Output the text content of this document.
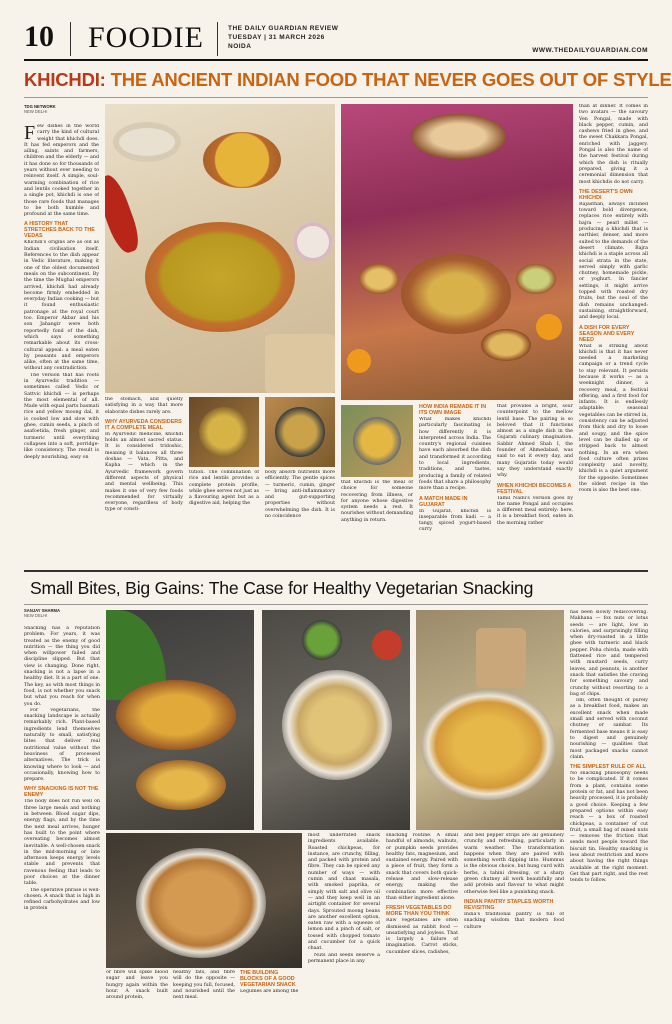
10 FOODIE	THE DAILY GUARDIAN REVIEW
TUESDAY | 31 MARCH 2026
NOIDA
WWW.THEDAILYGUARDIAN.COM
KHICHDI: THE ANCIENT INDIAN FOOD THAT NEVER GOES OUT OF STYLE
TDG NETWORK
NEW DELHI
Few dishes in the world carry the kind of cultural weight that khichdi does. It has fed emperors and the ailing, saints and farmers, children and the elderly — and it has done so for thousands of years without ever needing to reinvent itself. A simple, soul-warming combination of rice and lentils cooked together in a single pot, khichdi is one of those rare foods that manages to be both humble and profound at the same time.
A HISTORY THAT STRETCHES BACK TO THE VEDAS
Khichdi's origins are as old as Indian civilisation itself. References to the dish appear in Vedic literature, making it one of the oldest documented meals on the subcontinent. By the time the Mughal emperors arrived, khichdi had already become firmly embedded in everyday Indian cooking — but it found enthusiastic patronage at the royal court too. Emperor Akbar and his son Jahangir were both reportedly fond of the dish, which says something remarkable about its cross-cultural appeal: a meal eaten by peasants and emperors alike, often at the same time, without any contradiction.
The version that has roots in Ayurvedic tradition — sometimes called Vedic or Sattvic khichdi — is perhaps the most elemental of all. Made with equal parts basmati rice and yellow moong dal, it is cooked low and slow with ghee, cumin seeds, a pinch of asafoetida, fresh ginger, and turmeric until everything collapses into a soft, porridge-like consistency. The result is deeply nourishing, easy on
the stomach, and quietly satisfying in a way that more elaborate dishes rarely are.
WHY AYURVEDA CONSIDERS IT A COMPLETE MEAL
In Ayurvedic medicine, khichdi holds an almost sacred status. It is considered tridoshic, meaning it balances all three doshas — Vata, Pitta, and Kapha — which in the Ayurvedic framework govern different aspects of physical and mental wellbeing. This makes it one of very few foods recommended for virtually everyone, regardless of body type or consti-
tution. The combination of rice and lentils provides a complete protein profile, while ghee serves not just as a flavouring agent but as a digestive aid, helping the
body absorb nutrients more efficiently. The gentle spices — turmeric, cumin, ginger — bring anti-inflammatory and gut-supporting properties without overwhelming the dish. It is no coincidence
that khichdi is the meal of choice for someone recovering from illness, or for anyone whose digestive system needs a rest. It nourishes without demanding anything in return.
HOW INDIA REMADE IT IN ITS OWN IMAGE
What makes khichdi particularly fascinating is how differently it is interpreted across India. The country's regional cuisines have each absorbed the dish and transformed it according to local ingredients, traditions, and tastes, producing a family of related foods that share a philosophy more than a recipe.
A MATCH MADE IN GUJARAT
In Gujarat, khichdi is inseparable from kadi — a tangy, spiced yogurt-based curry
that provides a bright, sour counterpoint to the mellow lentil base. The pairing is so beloved that it functions almost as a single dish in the Gujarati culinary imagination. Sabbir Ahmed Shah I, the founder of Ahmedabad, was said to eat it every day, and many Gujaratis today would say they understand exactly why.
WHEN KHICHDI BECOMES A FESTIVAL
Tamil Nadu's version goes by the name Pongal and occupies a different meal entirely: here, it is a breakfast food, eaten in the morning rather
than at dinner. It comes in two avatars — the savoury Ven Pongal, made with black pepper, cumin, and cashews fried in ghee, and the sweet Chakkara Pongal, enriched with jaggery. Pongal is also the name of the harvest festival during which the dish is ritually prepared, giving it a ceremonial dimension that most khichdis do not carry.
THE DESERT'S OWN KHICHDI
Rajasthan, always inclined toward bold divergence, replaces rice entirely with bajra — pearl millet — producing a khichdi that is earthier, denser, and more suited to the demands of the desert climate. Bajra khichdi is a staple across all social strata in the state, served simply with garlic chutney, homemade pickle, or yoghurt. In fancier settings, it might arrive topped with roasted dry fruits, but the soul of the dish remains unchanged: sustaining, straightforward, and deeply local.
A DISH FOR EVERY SEASON AND EVERY NEED
What is striking about khichdi is that it has never needed a marketing campaign or a trend cycle to stay relevant. It persists because it works — as a weeknight dinner, a recovery meal, a festival offering, and a first food for infants. It is endlessly adaptable: seasonal vegetables can be stirred in, consistency can be adjusted from thick and dry to loose and soupy, and the spice level can be dialled up or stripped back to almost nothing. In an era when food culture often prizes complexity and novelty, khichdi is a quiet argument for the opposite. Sometimes the oldest recipe in the room is also the best one.
Small Bites, Big Gains: The Case for Healthy Vegetarian Snacking
SANJAY SHARMA
NEW DELHI
Snacking has a reputation problem. For years, it was treated as the enemy of good nutrition — the thing you did when willpower failed and discipline slipped. But that view is changing. Done right, snacking is not a lapse in a healthy diet. It is a part of one. The key, as with most things in food, is not whether you snack but what you reach for when you do.
For vegetarians, the snacking landscape is actually remarkably rich. Plant-based ingredients lend themselves naturally to small, satisfying bites that deliver real nutritional value without the heaviness of processed alternatives. The trick is knowing where to look — and occasionally, knowing how to prepare.
WHY SNACKING IS NOT THE ENEMY
The body does not run well on three large meals and nothing in between. Blood sugar dips, energy flags, and by the time the next meal arrives, hunger has built to the point where overeating becomes almost inevitable. A well-chosen snack in the mid-morning or late afternoon keeps energy levels stable and prevents that ravenous feeling that leads to poor choices at the dinner table.
The operative phrase is well-chosen. A snack that is high in refined carbohydrates and low in protein
or fibre will spike blood sugar and leave you hungry again within the hour. A snack built around protein,
healthy fats, and fibre will do the opposite — keeping you full, focused, and nourished until the next meal.
THE BUILDING BLOCKS OF A GOOD VEGETARIAN SNACK
Legumes are among the
most underrated snack ingredients available. Roasted chickpeas, for instance, are crunchy, filling, and packed with protein and fibre. They can be spiced any number of ways — with cumin and chaat masala, with smoked paprika, or simply with salt and olive oil — and they keep well in an airtight container for several days. Sprouted moong beans are another excellent option, eaten raw with a squeeze of lemon and a pinch of salt, or tossed with chopped tomato and cucumber for a quick chaat.
Nuts and seeds deserve a permanent place in any
snacking routine. A small handful of almonds, walnuts, or pumpkin seeds provides healthy fats, magnesium, and sustained energy. Paired with a piece of fruit, they form a snack that covers both quick-release and slow-release energy, making the combination more effective than either ingredient alone.
FRESH VEGETABLES DO MORE THAN YOU THINK
Raw vegetables are often dismissed as rabbit food — unsatisfying and joyless. That is largely a failure of imagination. Carrot sticks, cucumber slices, radishes,
and bell pepper strips are all genuinely crunchy and refreshing, particularly in warm weather. The transformation happens when they are paired with something worth dipping into. Hummus is the obvious choice, but hung curd with herbs, a tahini dressing, or a sharp green chutney all work beautifully and add protein and flavour to what might otherwise feel like a punishing snack.
INDIAN PANTRY STAPLES WORTH REVISITING
India's traditional pantry is full of snacking wisdom that modern food culture
has been slowly rediscovering. Makhana — fox nuts or lotus seeds — are light, low in calories, and surprisingly filling when dry-roasted in a little ghee with turmeric and black pepper. Poha chivda, made with flattened rice and tempered with mustard seeds, curry leaves, and peanuts, is another snack that satisfies the craving for something savoury and crunchy without resorting to a bag of chips.
Idli, often thought of purely as a breakfast food, makes an excellent snack when made small and served with coconut chutney or sambar. Its fermented base means it is easy to digest and genuinely nourishing — qualities that most packaged snacks cannot claim.
THE SIMPLEST RULE OF ALL
No snacking philosophy needs to be complicated. If it comes from a plant, contains some protein or fat, and has not been heavily processed, it is probably a good choice. Keeping a few prepared options within easy reach — a box of roasted chickpeas, a container of cut fruit, a small bag of mixed nuts — removes the friction that sends most people toward the biscuit tin. Healthy snacking is less about restriction and more about having the right things available at the right moment. Get that part right, and the rest tends to follow.
